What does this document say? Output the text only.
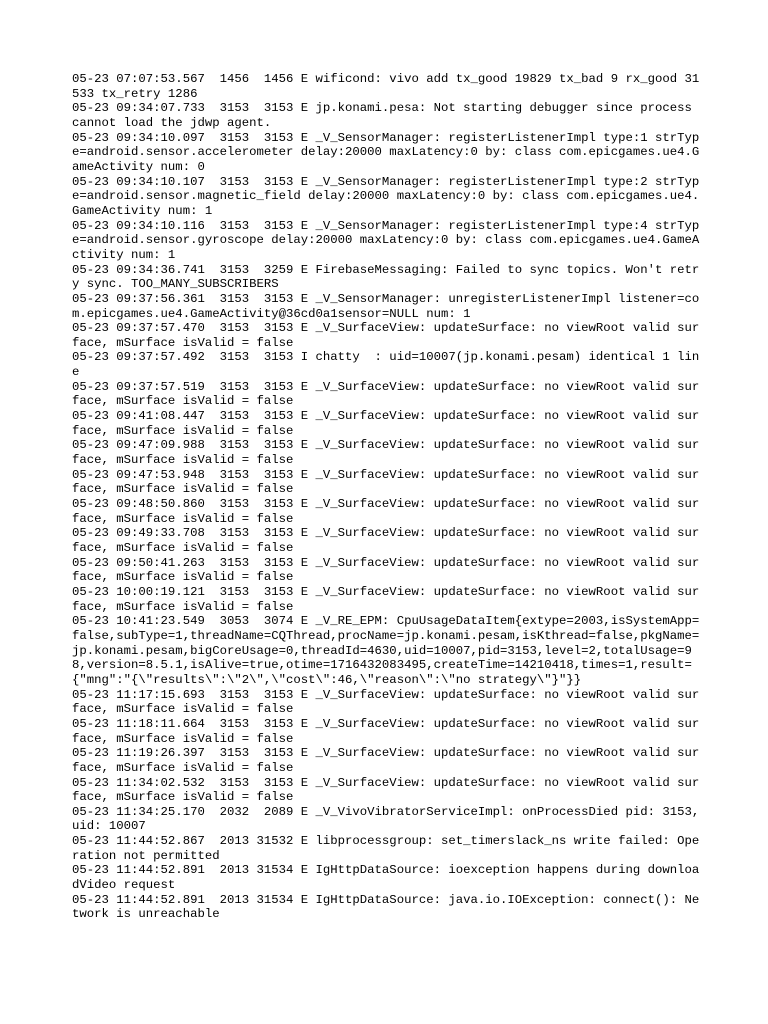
05-23 07:07:53.567  1456  1456 E wificond: vivo add tx_good 19829 tx_bad 9 rx_good 31533 tx_retry 1286

05-23 09:34:07.733  3153  3153 E jp.konami.pesa: Not starting debugger since process cannot load the jdwp agent.

05-23 09:34:10.097  3153  3153 E _V_SensorManager: registerListenerImpl type:1 strType=android.sensor.accelerometer delay:20000 maxLatency:0 by: class com.epicgames.ue4.GameActivity num: 0

05-23 09:34:10.107  3153  3153 E _V_SensorManager: registerListenerImpl type:2 strType=android.sensor.magnetic_field delay:20000 maxLatency:0 by: class com.epicgames.ue4.GameActivity num: 1

05-23 09:34:10.116  3153  3153 E _V_SensorManager: registerListenerImpl type:4 strType=android.sensor.gyroscope delay:20000 maxLatency:0 by: class com.epicgames.ue4.GameActivity num: 1

05-23 09:34:36.741  3153  3259 E FirebaseMessaging: Failed to sync topics. Won't retry sync. TOO_MANY_SUBSCRIBERS

05-23 09:37:56.361  3153  3153 E _V_SensorManager: unregisterListenerImpl listener=com.epicgames.ue4.GameActivity@36cd0a1sensor=NULL num: 1

05-23 09:37:57.470  3153  3153 E _V_SurfaceView: updateSurface: no viewRoot valid surface, mSurface isValid = false

05-23 09:37:57.492  3153  3153 I chatty  : uid=10007(jp.konami.pesam) identical 1 line

05-23 09:37:57.519  3153  3153 E _V_SurfaceView: updateSurface: no viewRoot valid surface, mSurface isValid = false

05-23 09:41:08.447  3153  3153 E _V_SurfaceView: updateSurface: no viewRoot valid surface, mSurface isValid = false

05-23 09:47:09.988  3153  3153 E _V_SurfaceView: updateSurface: no viewRoot valid surface, mSurface isValid = false

05-23 09:47:53.948  3153  3153 E _V_SurfaceView: updateSurface: no viewRoot valid surface, mSurface isValid = false

05-23 09:48:50.860  3153  3153 E _V_SurfaceView: updateSurface: no viewRoot valid surface, mSurface isValid = false

05-23 09:49:33.708  3153  3153 E _V_SurfaceView: updateSurface: no viewRoot valid surface, mSurface isValid = false

05-23 09:50:41.263  3153  3153 E _V_SurfaceView: updateSurface: no viewRoot valid surface, mSurface isValid = false

05-23 10:00:19.121  3153  3153 E _V_SurfaceView: updateSurface: no viewRoot valid surface, mSurface isValid = false

05-23 10:41:23.549  3053  3074 E _V_RE_EPM: CpuUsageDataItem{extype=2003,isSystemApp=false,subType=1,threadName=CQThread,procName=jp.konami.pesam,isKthread=false,pkgName=jp.konami.pesam,bigCoreUsage=0,threadId=4630,uid=10007,pid=3153,level=2,totalUsage=98,version=8.5.1,isAlive=true,otime=1716432083495,createTime=14210418,times=1,result={"mng":"{\"results\":\"2\",\"cost\":46,\"reason\":\"no strategy\"}"}}

05-23 11:17:15.693  3153  3153 E _V_SurfaceView: updateSurface: no viewRoot valid surface, mSurface isValid = false

05-23 11:18:11.664  3153  3153 E _V_SurfaceView: updateSurface: no viewRoot valid surface, mSurface isValid = false

05-23 11:19:26.397  3153  3153 E _V_SurfaceView: updateSurface: no viewRoot valid surface, mSurface isValid = false

05-23 11:34:02.532  3153  3153 E _V_SurfaceView: updateSurface: no viewRoot valid surface, mSurface isValid = false

05-23 11:34:25.170  2032  2089 E _V_VivoVibratorServiceImpl: onProcessDied pid: 3153,uid: 10007

05-23 11:44:52.867  2013 31532 E libprocessgroup: set_timerslack_ns write failed: Operation not permitted

05-23 11:44:52.891  2013 31534 E IgHttpDataSource: ioexception happens during downloadVideo request

05-23 11:44:52.891  2013 31534 E IgHttpDataSource: java.io.IOException: connect(): Network is unreachable
